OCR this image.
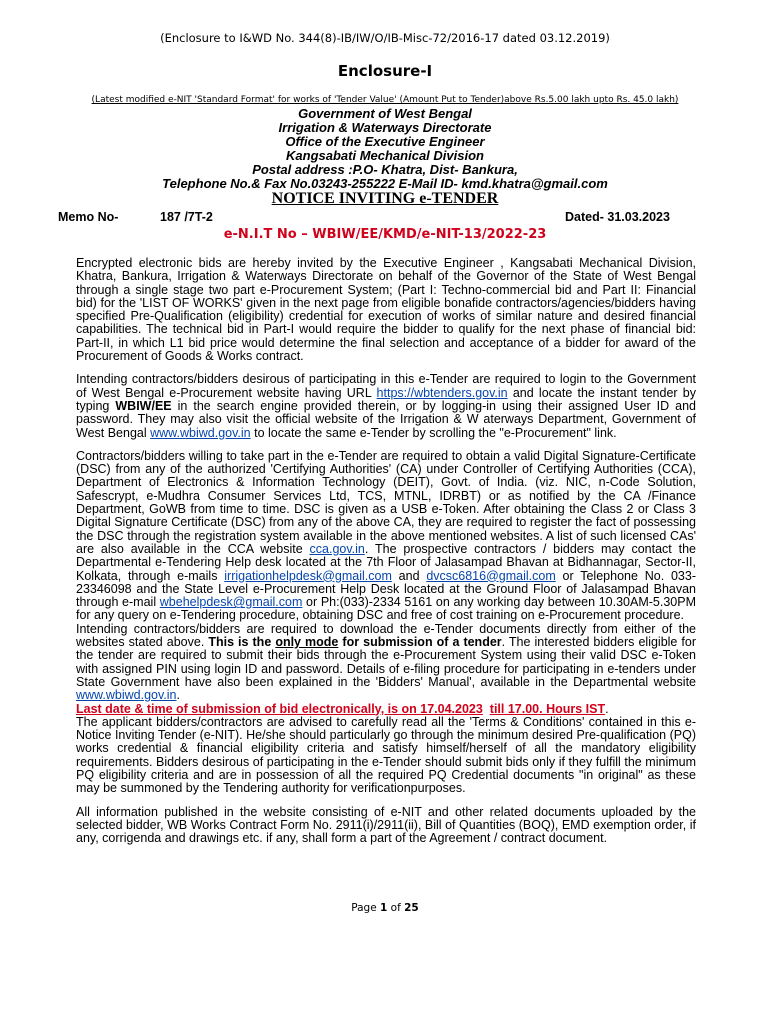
(Enclosure to I&WD No. 344(8)-IB/IW/O/IB-Misc-72/2016-17 dated 03.12.2019)
Enclosure-I
(Latest modified e-NIT 'Standard Format' for works of 'Tender Value' (Amount Put to Tender)above Rs.5.00 lakh upto Rs. 45.0 lakh)
Government of West Bengal
Irrigation & Waterways Directorate
Office of the Executive Engineer
Kangsabati Mechanical Division
Postal address :P.O- Khatra, Dist- Bankura,
Telephone No.& Fax No.03243-255222 E-Mail ID- kmd.khatra@gmail.com
NOTICE INVITING e-TENDER
Memo No-	187 /7T-2	Dated- 31.03.2023
e-N.I.T No – WBIW/EE/KMD/e-NIT-13/2022-23

Encrypted electronic bids are hereby invited by the Executive Engineer , Kangsabati Mechanical Division, Khatra, Bankura, Irrigation & Waterways Directorate on behalf of the Governor of the State of West Bengal through a single stage two part e-Procurement System; (Part I: Techno-commercial bid and Part II: Financial bid) for the 'LIST OF WORKS' given in the next page from eligible bonafide contractors/agencies/bidders having specified Pre-Qualification (eligibility) credential for execution of works of similar nature and desired financial capabilities. The technical bid in Part-I would require the bidder to qualify for the next phase of financial bid: Part-II, in which L1 bid price would determine the final selection and acceptance of a bidder for award of the Procurement of Goods & Works contract.

Intending contractors/bidders desirous of participating in this e-Tender are required to login to the Government of West Bengal e-Procurement website having URL https://wbtenders.gov.in and locate the instant tender by typing WBIW/EE in the search engine provided therein, or by logging-in using their assigned User ID and password. They may also visit the official website of the Irrigation & W aterways Department, Government of West Bengal www.wbiwd.gov.in to locate the same e-Tender by scrolling the "e-Procurement" link.

Contractors/bidders willing to take part in the e-Tender are required to obtain a valid Digital Signature-Certificate (DSC) from any of the authorized 'Certifying Authorities' (CA) under Controller of Certifying Authorities (CCA), Department of Electronics & Information Technology (DEIT), Govt. of India. (viz. NIC, n-Code Solution, Safescrypt, e-Mudhra Consumer Services Ltd, TCS, MTNL, IDRBT) or as notified by the CA /Finance Department, GoWB from time to time. DSC is given as a USB e-Token. After obtaining the Class 2 or Class 3 Digital Signature Certificate (DSC) from any of the above CA, they are required to register the fact of possessing the DSC through the registration system available in the above mentioned websites. A list of such licensed CAs' are also available in the CCA website cca.gov.in. The prospective contractors / bidders may contact the Departmental e-Tendering Help desk located at the 7th Floor of Jalasampad Bhavan at Bidhannagar, Sector-II, Kolkata, through e-mails irrigationhelpdesk@gmail.com and dvcsc6816@gmail.com or Telephone No. 033-23346098 and the State Level e-Procurement Help Desk located at the Ground Floor of Jalasampad Bhavan through e-mail wbehelpdesk@gmail.com or Ph:(033)-2334 5161 on any working day between 10.30AM-5.30PM for any query on e-Tendering procedure, obtaining DSC and free of cost training on e-Procurement procedure.

Intending contractors/bidders are required to download the e-Tender documents directly from either of the websites stated above. This is the only mode for submission of a tender. The interested bidders eligible for the tender are required to submit their bids through the e-Procurement System using their valid DSC e-Token with assigned PIN using login ID and password. Details of e-filing procedure for participating in e-tenders under State Government have also been explained in the 'Bidders' Manual', available in the Departmental website www.wbiwd.gov.in.

Last date & time of submission of bid electronically, is on 17.04.2023 till 17.00. Hours IST.

The applicant bidders/contractors are advised to carefully read all the 'Terms & Conditions' contained in this e-Notice Inviting Tender (e-NIT). He/she should particularly go through the minimum desired Pre-qualification (PQ) works credential & financial eligibility criteria and satisfy himself/herself of all the mandatory eligibility requirements. Bidders desirous of participating in the e-Tender should submit bids only if they fulfill the minimum PQ eligibility criteria and are in possession of all the required PQ Credential documents "in original" as these may be summoned by the Tendering authority for verificationpurposes.

All information published in the website consisting of e-NIT and other related documents uploaded by the selected bidder, WB Works Contract Form No. 2911(i)/2911(ii), Bill of Quantities (BOQ), EMD exemption order, if any, corrigenda and drawings etc. if any, shall form a part of the Agreement / contract document.

Page 1 of 25
